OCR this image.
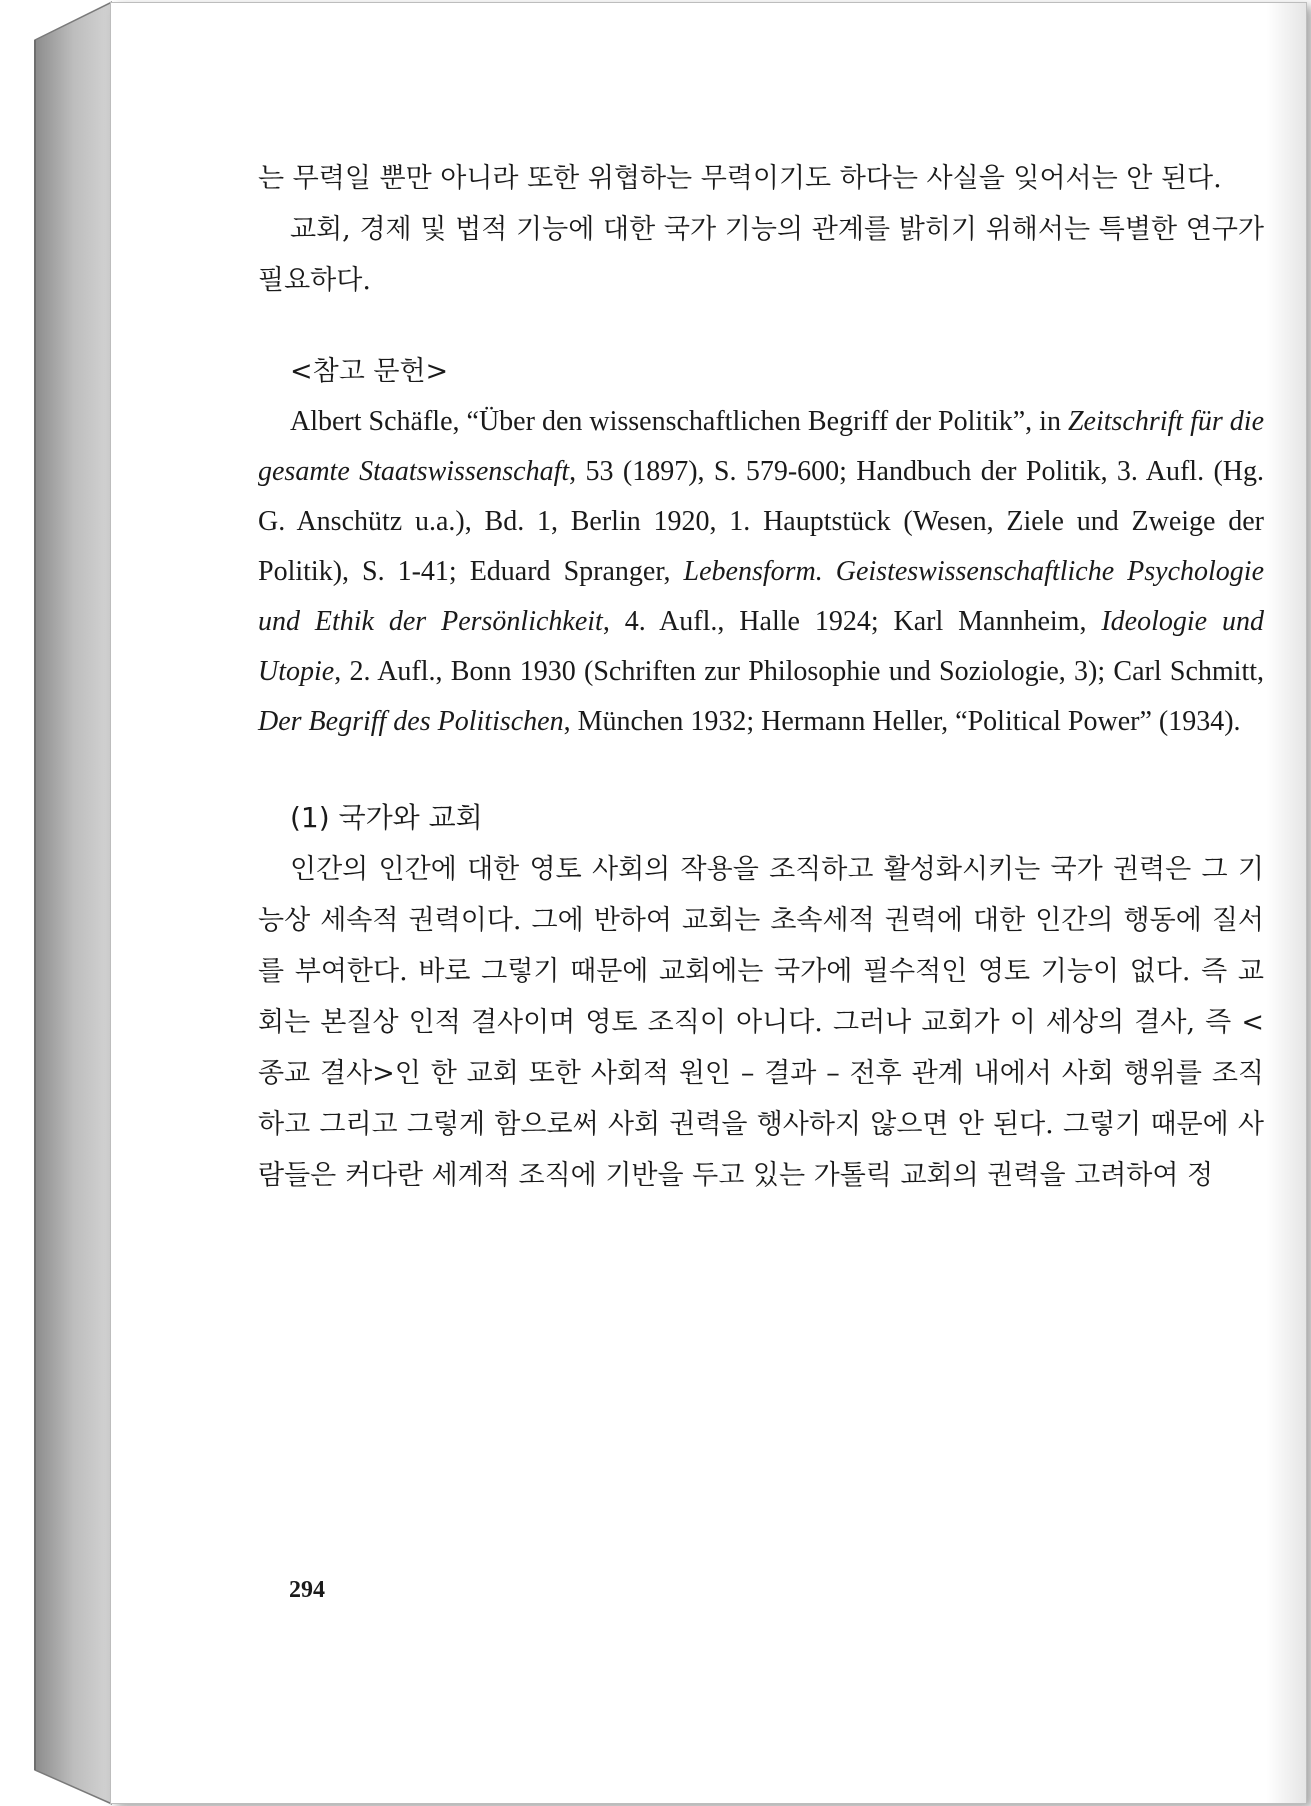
는 무력일 뿐만 아니라 또한 위협하는 무력이기도 하다는 사실을 잊어서는 안 된다.

교회, 경제 및 법적 기능에 대한 국가 기능의 관계를 밝히기 위해서는 특별한 연구가 필요하다.

<참고 문헌>

Albert Schäfle, “Über den wissenschaftlichen Begriff der Politik”, in Zeitschrift für die gesamte Staatswissenschaft, 53 (1897), S. 579-600; Handbuch der Politik, 3. Aufl. (Hg. G. Anschütz u.a.), Bd. 1, Berlin 1920, 1. Hauptstück (Wesen, Ziele und Zweige der Politik), S. 1-41; Eduard Spranger, Lebensform. Geisteswissenschaftliche Psychologie und Ethik der Persönlichkeit, 4. Aufl., Halle 1924; Karl Mannheim, Ideologie und Utopie, 2. Aufl., Bonn 1930 (Schriften zur Philosophie und Soziologie, 3); Carl Schmitt, Der Begriff des Politischen, München 1932; Hermann Heller, “Political Power” (1934).

(1) 국가와 교회

인간의 인간에 대한 영토 사회의 작용을 조직하고 활성화시키는 국가 권력은 그 기능상 세속적 권력이다. 그에 반하여 교회는 초속세적 권력에 대한 인간의 행동에 질서를 부여한다. 바로 그렇기 때문에 교회에는 국가에 필수적인 영토 기능이 없다. 즉 교회는 본질상 인적 결사이며 영토 조직이 아니다. 그러나 교회가 이 세상의 결사, 즉 <종교 결사>인 한 교회 또한 사회적 원인 – 결과 – 전후 관계 내에서 사회 행위를 조직하고 그리고 그렇게 함으로써 사회 권력을 행사하지 않으면 안 된다. 그렇기 때문에 사람들은 커다란 세계적 조직에 기반을 두고 있는 가톨릭 교회의 권력을 고려하여 정

294
